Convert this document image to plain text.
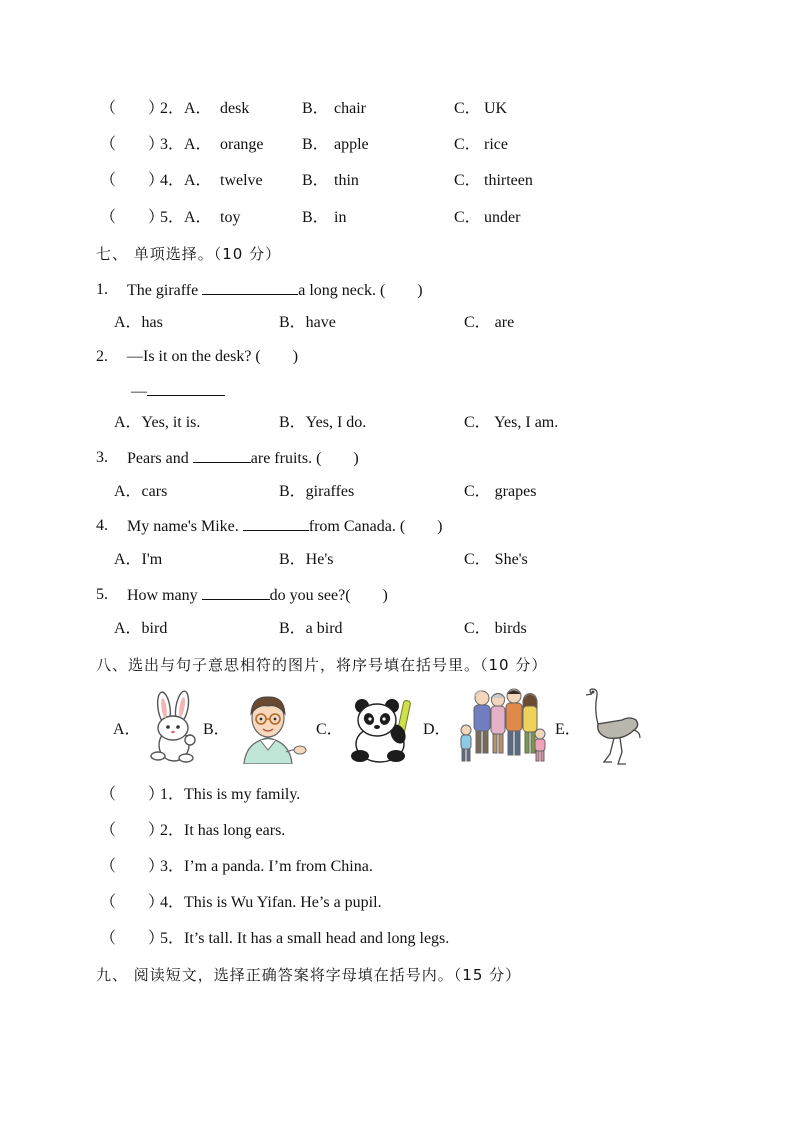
（　　）
2．A． desk	B． chair	C． UK
（　　）
3．A． orange B． apple	C． rice
（　　）
4．A． twelve B． thin	C． thirteen
（　　）
5．A． toy	B． in	C． under
七、 单项选择。（10 分）
1. The giraffe	a long neck. (　　)
A．has	B．have	C． are
2. —Is it on the desk? (　　)
—
A．Yes, it is.	B．Yes, I do.	C． Yes, I am.
3. Pears and	are fruits. (　　)
A．cars	B．giraffes	C． grapes
4. My name's Mike.	from Canada. (　　)
A．I'm	B．He's	C． She's
5. How many	do you see?(　　)
A．bird	B．a bird	C． birds
八、选出与句子意思相符的图片，将序号填在括号里。（10 分）
A．	B．	C．	D．	E．
（　　）
1．This is my family.
（　　）
2．It has long ears.
（　　）
3．I’m a panda. I’m from China.
（　　）
4．This is Wu Yifan. He’s a pupil.
（　　）
5．It’s tall. It has a small head and long legs.
九、 阅读短文，选择正确答案将字母填在括号内。（15 分）
